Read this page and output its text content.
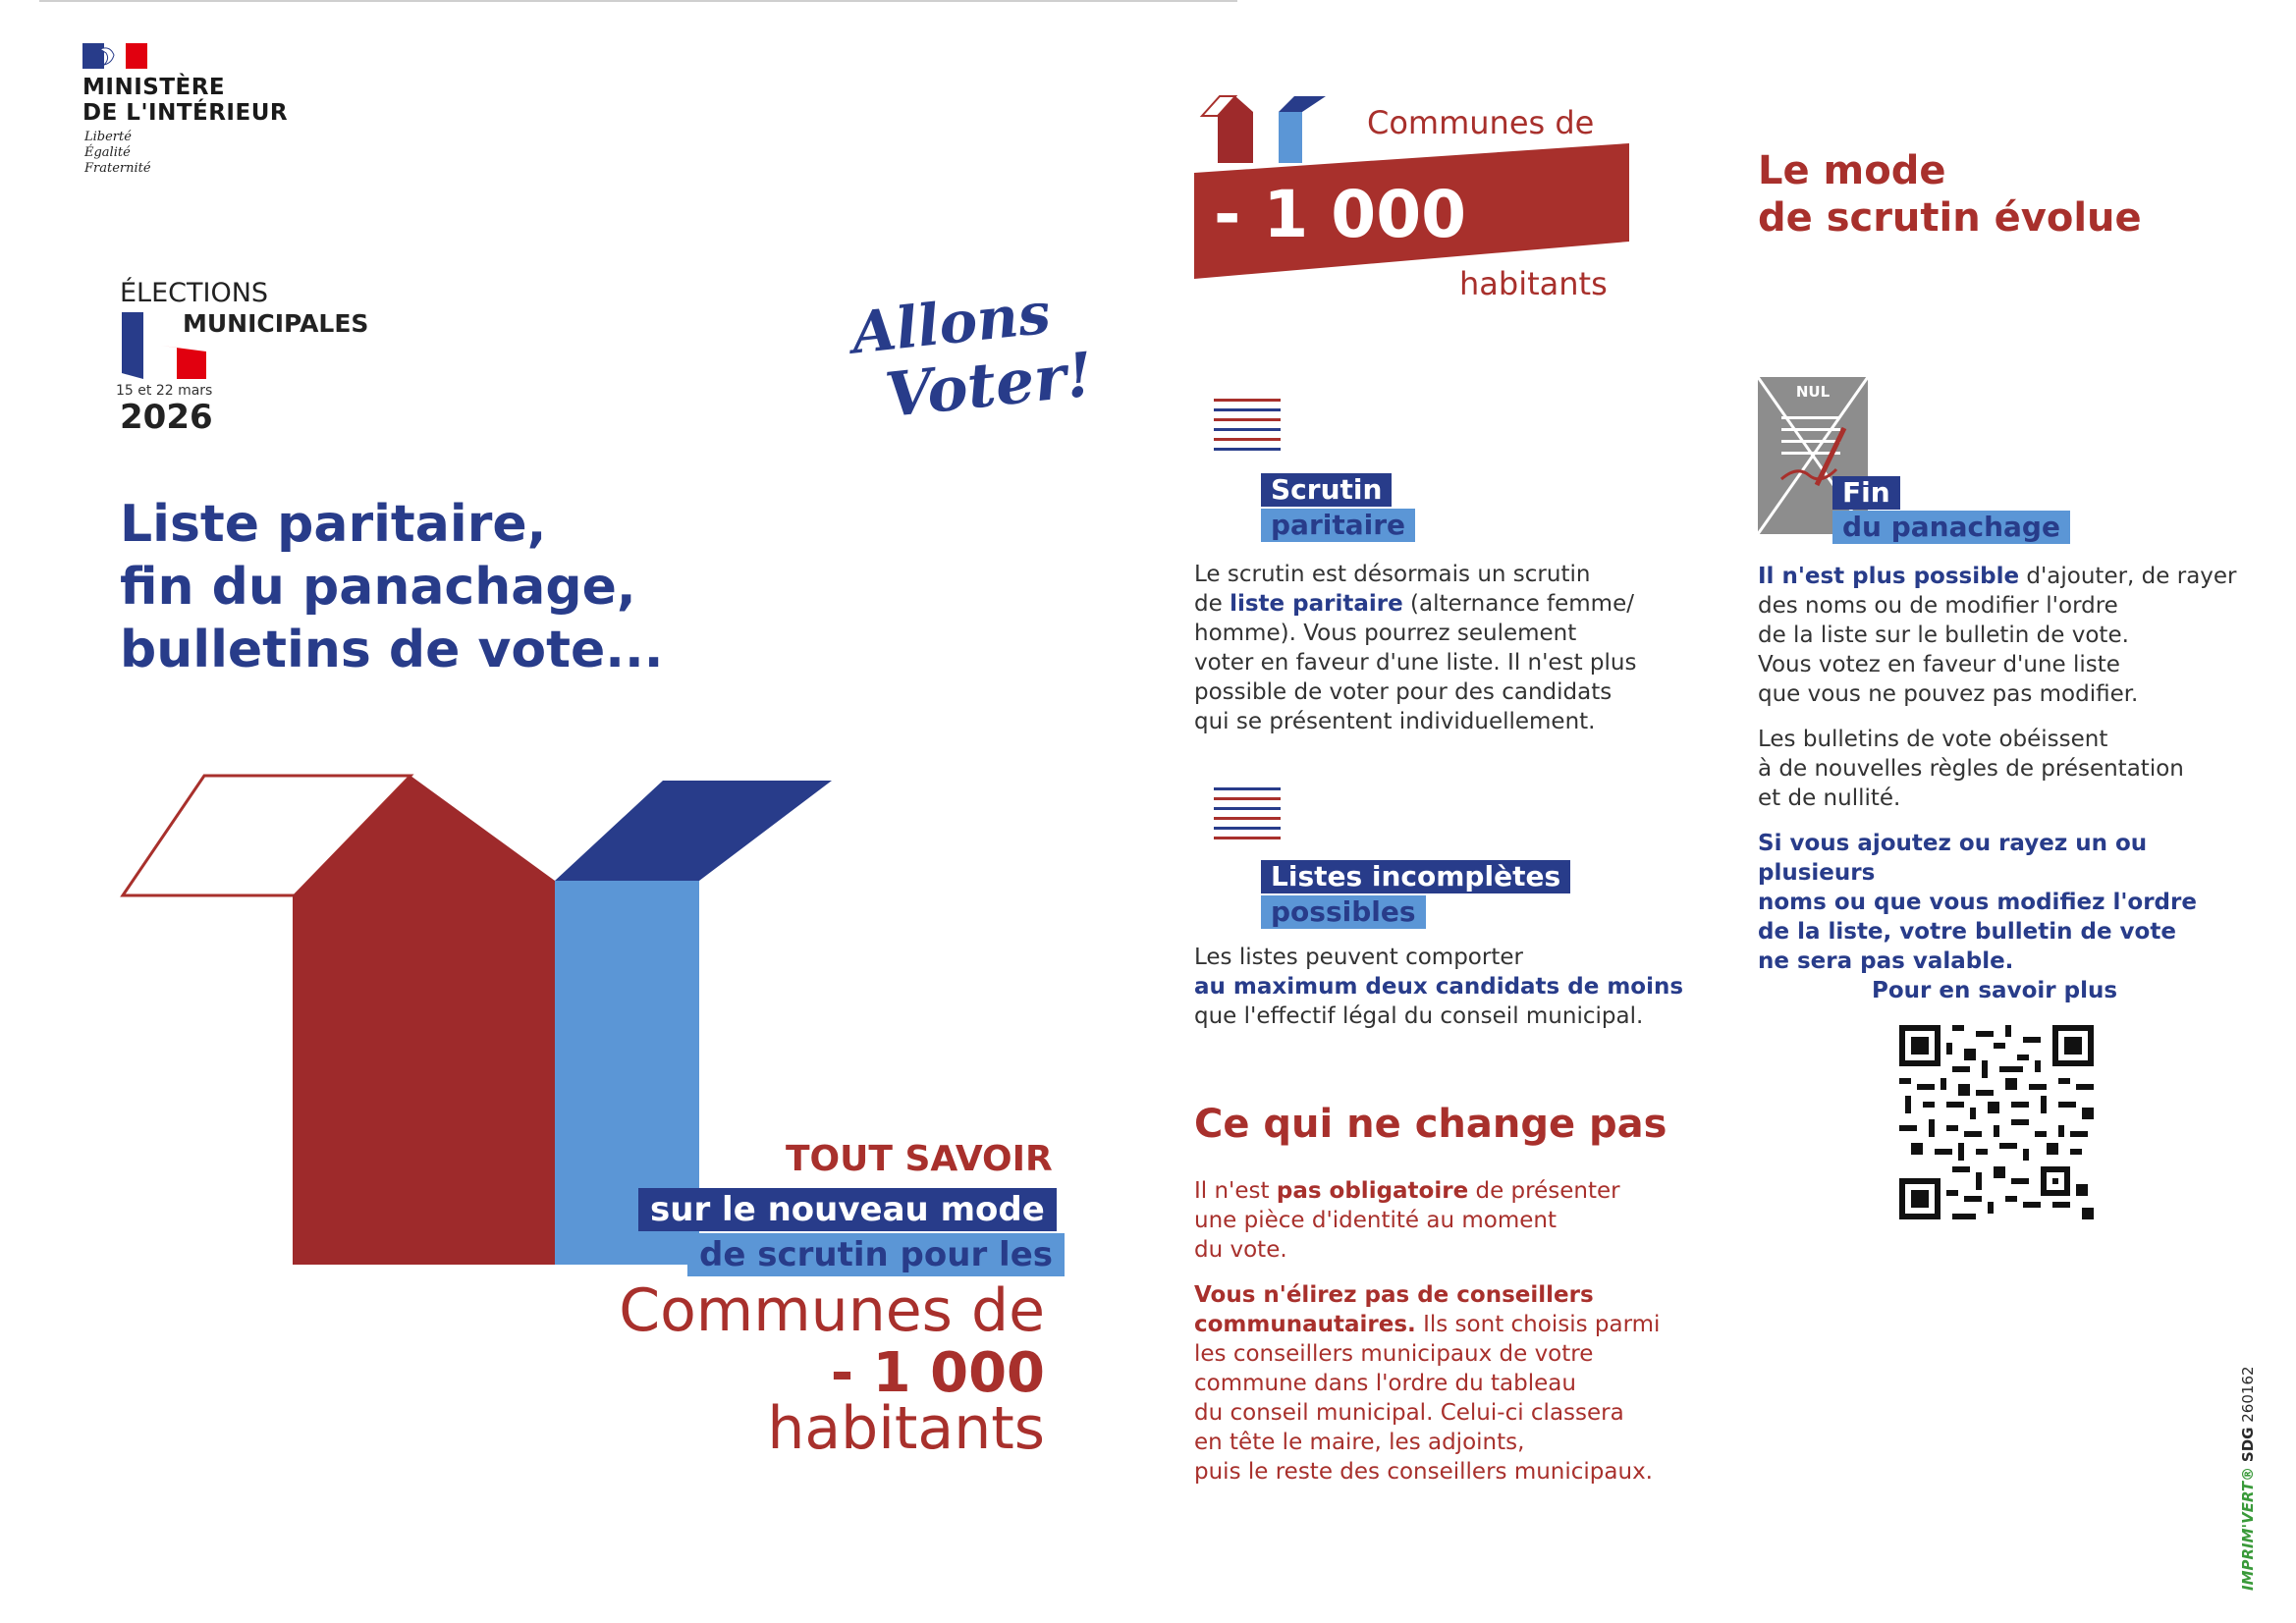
MINISTÈRE
DE L'INTÉRIEUR
Liberté
Égalité
Fraternité
ÉLECTIONS
MUNICIPALES
15 et 22 mars
2026
Allons
Voter!
Liste paritaire,
fin du panachage,
bulletins de vote...
TOUT SAVOIR
sur le nouveau mode
de scrutin pour les
Communes de
- 1 000
habitants
Communes de
- 1 000
habitants
Scrutin
paritaire
Le scrutin est désormais un scrutin
de liste paritaire (alternance femme/
homme). Vous pourrez seulement
voter en faveur d'une liste. Il n'est plus
possible de voter pour des candidats
qui se présentent individuellement.
Listes incomplètes
possibles
Les listes peuvent comporter
au maximum deux candidats de moins
que l'effectif légal du conseil municipal.
Ce qui ne change pas
Il n'est pas obligatoire de présenter
une pièce d'identité au moment
du vote.
Vous n'élirez pas de conseillers
communautaires. Ils sont choisis parmi
les conseillers municipaux de votre
commune dans l'ordre du tableau
du conseil municipal. Celui-ci classera
en tête le maire, les adjoints,
puis le reste des conseillers municipaux.
Le mode
de scrutin évolue
NUL
Fin
du panachage
Il n'est plus possible d'ajouter, de rayer
des noms ou de modifier l'ordre
de la liste sur le bulletin de vote.
Vous votez en faveur d'une liste
que vous ne pouvez pas modifier.
Les bulletins de vote obéissent
à de nouvelles règles de présentation
et de nullité.
Si vous ajoutez ou rayez un ou plusieurs
noms ou que vous modifiez l'ordre
de la liste, votre bulletin de vote
ne sera pas valable.
Pour en savoir plus
IMPRIM'VERT® SDG 260162
